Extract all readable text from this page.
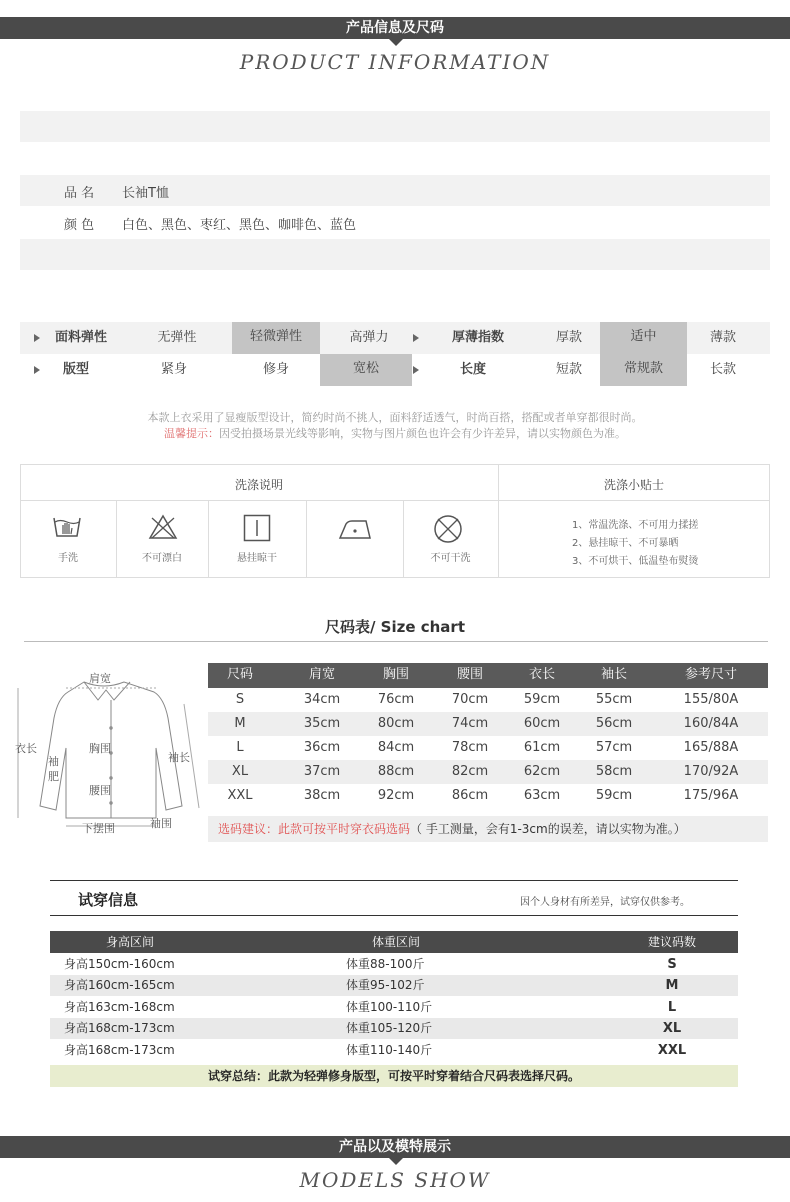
产品信息及尺码
PRODUCT INFORMATION
品 名 长袖T恤
颜 色 白色、黑色、枣红、黑色、咖啡色、蓝色
面料弹性	无弹性	轻微弹性	高弹力	厚薄指数	厚款	适中	薄款
版型	紧身	修身	宽松	长度	短款	常规款	长款
本款上衣采用了显瘦版型设计，简约时尚不挑人，面料舒适透气，时尚百搭，搭配或者单穿都很时尚。
温馨提示：因受拍摄场景光线等影响，实物与图片颜色也许会有少许差异，请以实物颜色为准。
洗涤说明	洗涤小贴士
手洗	不可漂白	悬挂晾干	不可干洗
1、常温洗涤、不可用力揉搓
2、悬挂晾干、不可暴晒
3、不可烘干、低温垫布熨烫
尺码表/ Size chart
肩宽
衣长	胸围
袖长
袖
肥
腰围
下摆围	袖围
尺码	肩宽	胸围	腰围	衣长	袖长	参考尺寸
S	34cm	76cm	70cm	59cm	55cm	155/80A
M	35cm	80cm	74cm	60cm	56cm	160/84A
L	36cm	84cm	78cm	61cm	57cm	165/88A
XL	37cm	88cm	82cm	62cm	58cm	170/92A
XXL	38cm	92cm	86cm	63cm	59cm	175/96A
选码建议：此款可按平时穿衣码选码（ 手工测量，会有1-3cm的误差，请以实物为准。）
试穿信息	因个人身材有所差异，试穿仅供参考。
身高区间	体重区间	建议码数
身高150cm-160cm	体重88-100斤	S
身高160cm-165cm	体重95-102斤	M
身高163cm-168cm	体重100-110斤	L
身高168cm-173cm	体重105-120斤	XL
身高168cm-173cm	体重110-140斤	XXL
试穿总结：此款为轻弹修身版型，可按平时穿着结合尺码表选择尺码。
产品以及模特展示
MODELS SHOW
